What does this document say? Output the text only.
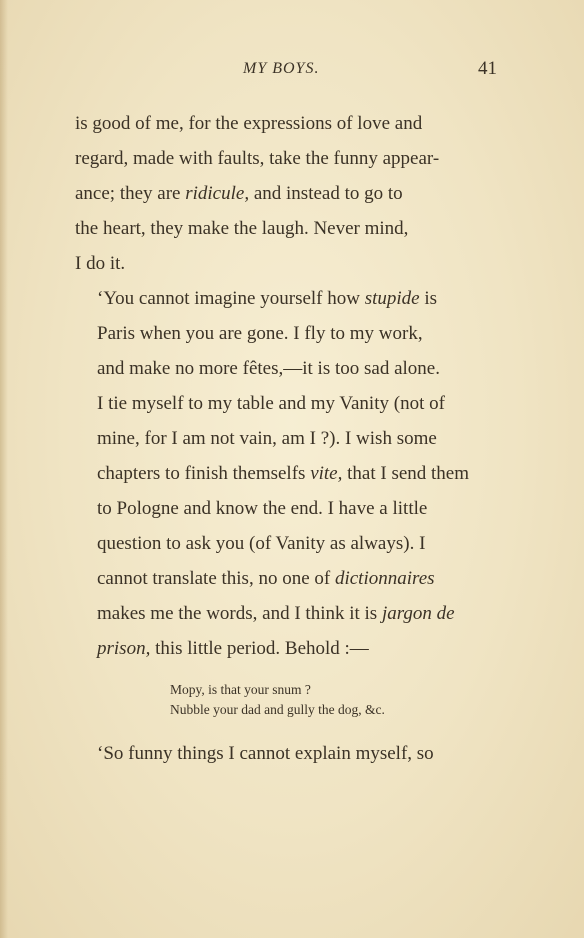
MY BOYS.	41

is good of me, for the expressions of love and
regard, made with faults, take the funny appear-
ance; they are ridicule, and instead to go to
the heart, they make the laugh. Never mind,
I do it.

‘You cannot imagine yourself how stupide is
Paris when you are gone. I fly to my work,
and make no more fêtes,—it is too sad alone.
I tie myself to my table and my Vanity (not of
mine, for I am not vain, am I ?). I wish some
chapters to finish themselfs vite, that I send them
to Pologne and know the end. I have a little
question to ask you (of Vanity as always). I
cannot translate this, no one of dictionnaires
makes me the words, and I think it is jargon de
prison, this little period. Behold :—

Mopy, is that your snum ?
Nubble your dad and gully the dog, &c.

‘So funny things I cannot explain myself, so
